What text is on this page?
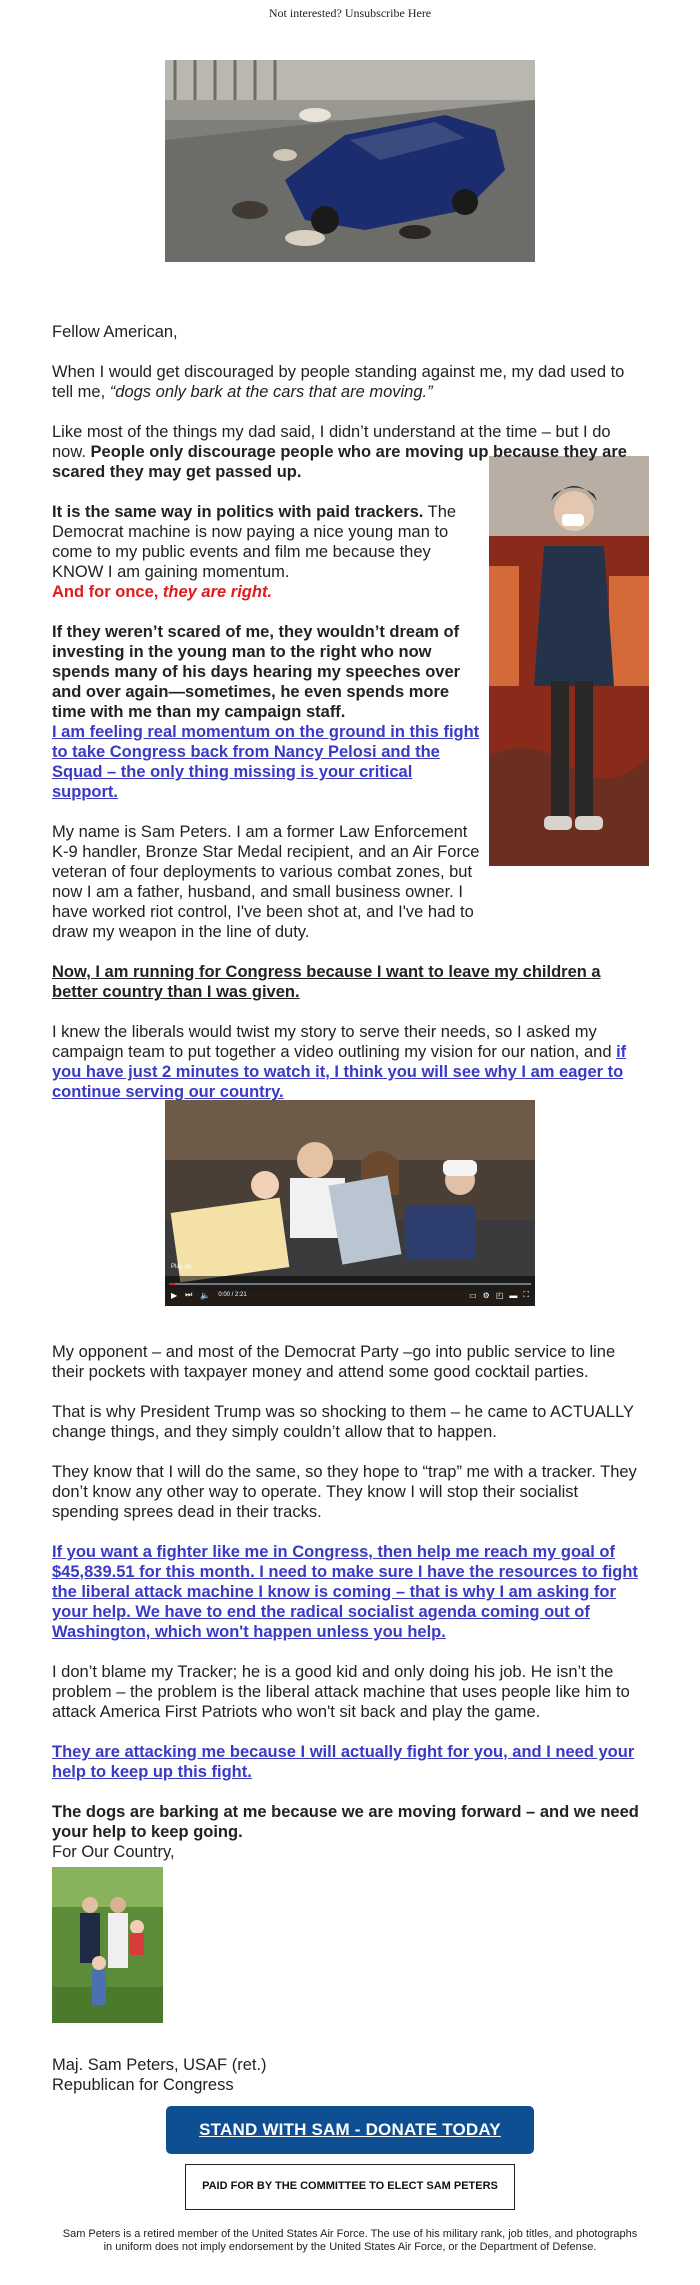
Not interested? Unsubscribe Here
Play (k)
▶ ⏭ 🔈 0:00 / 2:21	▭ ⚙ ◰ ▬ ⛶

Fellow American,

When I would get discouraged by people standing against me, my dad used to tell me, “dogs only bark at the cars that are moving.”

Like most of the things my dad said, I didn’t understand at the time – but I do now. People only discourage people who are moving up because they are scared they may get passed up.

It is the same way in politics with paid trackers. The Democrat machine is now paying a nice young man to come to my public events and film me because they KNOW I am gaining momentum.

And for once, they are right.

If they weren’t scared of me, they wouldn’t dream of investing in the young man to the right who now spends many of his days hearing my speeches over and over again—sometimes, he even spends more time with me than my campaign staff.

I am feeling real momentum on the ground in this fight to take Congress back from Nancy Pelosi and the Squad – the only thing missing is your critical support.

My name is Sam Peters. I am a former Law Enforcement K-9 handler, Bronze Star Medal recipient, and an Air Force veteran of four deployments to various combat zones, but now I am a father, husband, and small business owner. I have worked riot control, I've been shot at, and I've had to draw my weapon in the line of duty.

Now, I am running for Congress because I want to leave my children a better country than I was given.

I knew the liberals would twist my story to serve their needs, so I asked my campaign team to put together a video outlining my vision for our nation, and if you have just 2 minutes to watch it, I think you will see why I am eager to continue serving our country.

My opponent – and most of the Democrat Party –go into public service to line their pockets with taxpayer money and attend some good cocktail parties.

That is why President Trump was so shocking to them – he came to ACTUALLY change things, and they simply couldn’t allow that to happen.

They know that I will do the same, so they hope to “trap” me with a tracker. They don’t know any other way to operate. They know I will stop their socialist spending sprees dead in their tracks.

If you want a fighter like me in Congress, then help me reach my goal of $45,839.51 for this month. I need to make sure I have the resources to fight the liberal attack machine I know is coming – that is why I am asking for your help. We have to end the radical socialist agenda coming out of Washington, which won't happen unless you help.

I don’t blame my Tracker; he is a good kid and only doing his job. He isn’t the problem – the problem is the liberal attack machine that uses people like him to attack America First Patriots who won't sit back and play the game.

They are attacking me because I will actually fight for you, and I need your help to keep up this fight.

The dogs are barking at me because we are moving forward – and we need your help to keep going.

For Our Country,

Maj. Sam Peters, USAF (ret.)
Republican for Congress

STAND WITH SAM - DONATE TODAY
PAID FOR BY THE COMMITTEE TO ELECT SAM PETERS
Sam Peters is a retired member of the United States Air Force. The use of his military rank, job titles, and photographs in uniform does not imply endorsement by the United States Air Force, or the Department of Defense.
